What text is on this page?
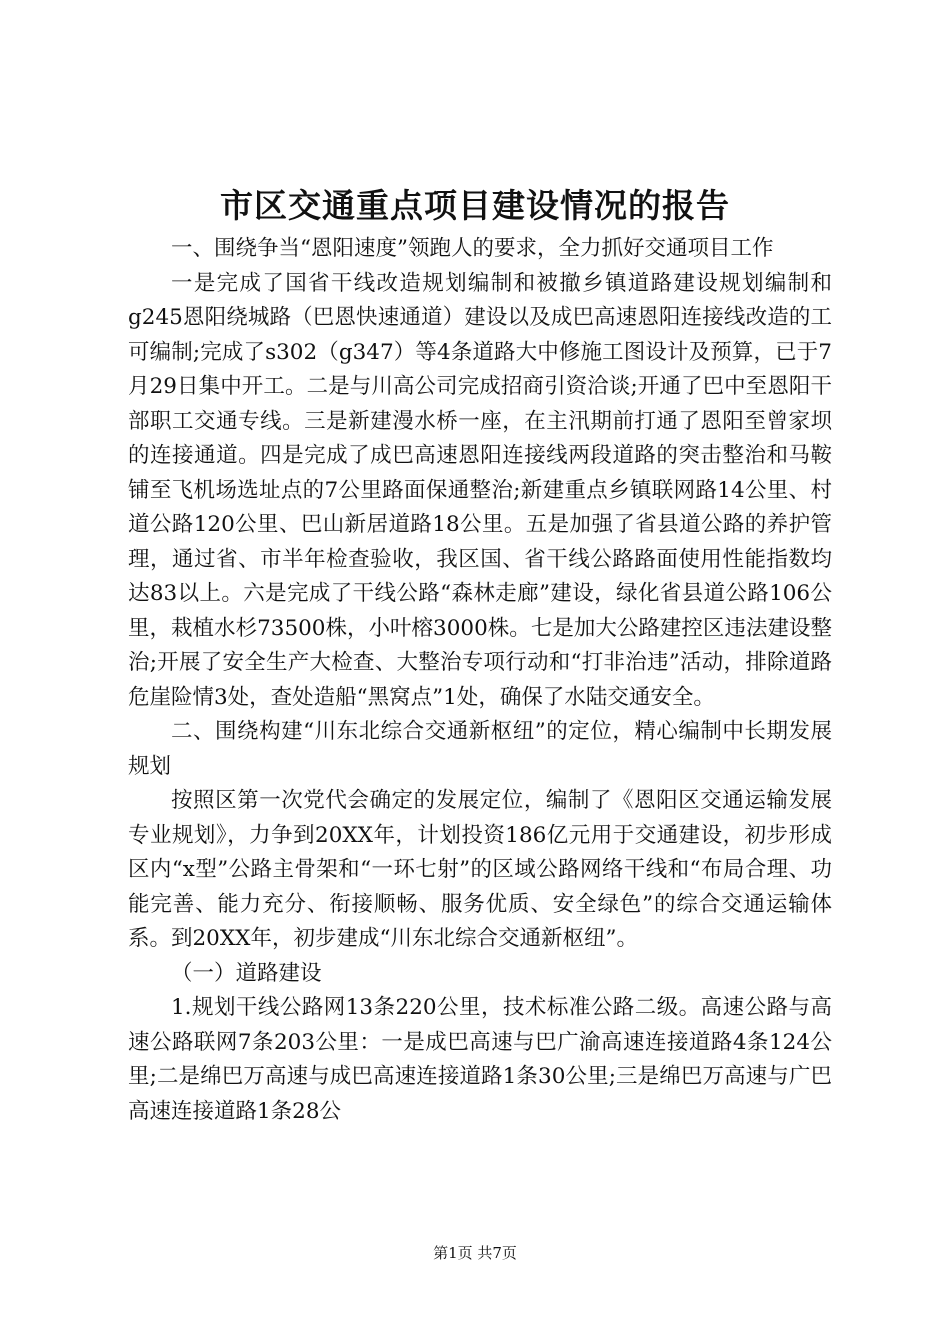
市区交通重点项目建设情况的报告

一、围绕争当“恩阳速度”领跑人的要求，全力抓好交通项目工作

一是完成了国省干线改造规划编制和被撤乡镇道路建设规划编制和g245恩阳绕城路（巴恩快速通道）建设以及成巴高速恩阳连接线改造的工可编制;完成了s302（g347）等4条道路大中修施工图设计及预算，已于7月29日集中开工。二是与川高公司完成招商引资洽谈;开通了巴中至恩阳干部职工交通专线。三是新建漫水桥一座，在主汛期前打通了恩阳至曾家坝的连接通道。四是完成了成巴高速恩阳连接线两段道路的突击整治和马鞍铺至飞机场选址点的7公里路面保通整治;新建重点乡镇联网路14公里、村道公路120公里、巴山新居道路18公里。五是加强了省县道公路的养护管理，通过省、市半年检查验收，我区国、省干线公路路面使用性能指数均达83以上。六是完成了干线公路“森林走廊”建设，绿化省县道公路106公里，栽植水杉73500株，小叶榕3000株。七是加大公路建控区违法建设整治;开展了安全生产大检查、大整治专项行动和“打非治违”活动，排除道路危崖险情3处，查处造船“黑窝点”1处，确保了水陆交通安全。

二、围绕构建“川东北综合交通新枢纽”的定位，精心编制中长期发展规划

按照区第一次党代会确定的发展定位，编制了《恩阳区交通运输发展专业规划》，力争到20XX年，计划投资186亿元用于交通建设，初步形成区内“x型”公路主骨架和“一环七射”的区域公路网络干线和“布局合理、功能完善、能力充分、衔接顺畅、服务优质、安全绿色”的综合交通运输体系。到20XX年，初步建成“川东北综合交通新枢纽”。

（一）道路建设

1.规划干线公路网13条220公里，技术标准公路二级。高速公路与高速公路联网7条203公里：一是成巴高速与巴广渝高速连接道路4条124公里;二是绵巴万高速与成巴高速连接道路1条30公里;三是绵巴万高速与广巴高速连接道路1条28公

第1页 共7页
